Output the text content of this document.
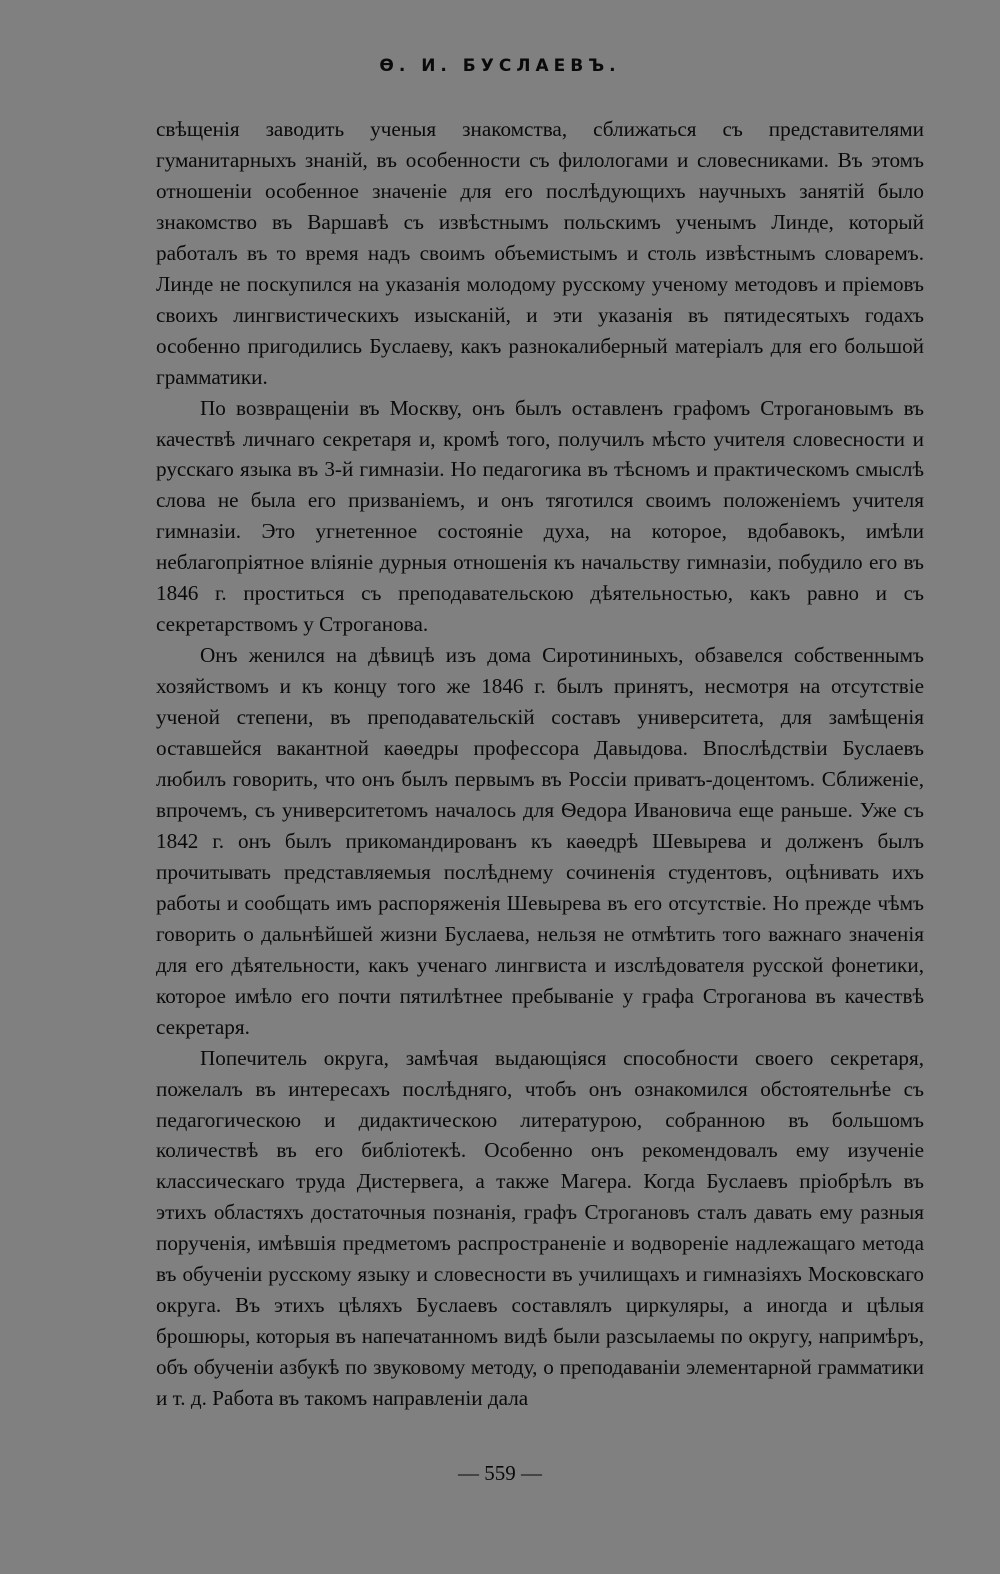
Ѳ. И. БУСЛАЕВЪ.

свѣщенія заводить ученыя знакомства, сближаться съ представителями гуманитарныхъ знаній, въ особенности съ филологами и словесниками. Въ этомъ отношеніи особенное значеніе для его послѣдующихъ научныхъ занятій было знакомство въ Варшавѣ съ извѣстнымъ польскимъ ученымъ Линде, который работалъ въ то время надъ своимъ объемистымъ и столь извѣстнымъ словаремъ. Линде не поскупился на указанія молодому русскому ученому методовъ и пріемовъ своихъ лингвистическихъ изысканій, и эти указанія въ пятидесятыхъ годахъ особенно пригодились Буслаеву, какъ разнокалиберный матеріалъ для его большой грамматики.

По возвращеніи въ Москву, онъ былъ оставленъ графомъ Строгановымъ въ качествѣ личнаго секретаря и, кромѣ того, получилъ мѣсто учителя словесности и русскаго языка въ 3-й гимназіи. Но педагогика въ тѣсномъ и практическомъ смыслѣ слова не была его призваніемъ, и онъ тяготился своимъ положеніемъ учителя гимназіи. Это угнетенное состояніе духа, на которое, вдобавокъ, имѣли неблагопріятное вліяніе дурныя отношенія къ начальству гимназіи, побудило его въ 1846 г. проститься съ преподавательскою дѣятельностью, какъ равно и съ секретарствомъ у Строганова.

Онъ женился на дѣвицѣ изъ дома Сиротининыхъ, обзавелся собственнымъ хозяйствомъ и къ концу того же 1846 г. былъ принятъ, несмотря на отсутствіе ученой степени, въ преподавательскій составъ университета, для замѣщенія оставшейся вакантной каѳедры профессора Давыдова. Впослѣдствіи Буслаевъ любилъ говорить, что онъ былъ первымъ въ Россіи приватъ-доцентомъ. Сближеніе, впрочемъ, съ университетомъ началось для Ѳедора Ивановича еще раньше. Уже съ 1842 г. онъ былъ прикомандированъ къ каѳедрѣ Шевырева и долженъ былъ прочитывать представляемыя послѣднему сочиненія студентовъ, оцѣнивать ихъ работы и сообщать имъ распоряженія Шевырева въ его отсутствіе. Но прежде чѣмъ говорить о дальнѣйшей жизни Буслаева, нельзя не отмѣтить того важнаго значенія для его дѣятельности, какъ ученаго лингвиста и изслѣдователя русской фонетики, которое имѣло его почти пятилѣтнее пребываніе у графа Строганова въ качествѣ секретаря.

Попечитель округа, замѣчая выдающіяся способности своего секретаря, пожелалъ въ интересахъ послѣдняго, чтобъ онъ ознакомился обстоятельнѣе съ педагогическою и дидактическою литературою, собранною въ большомъ количествѣ въ его библіотекѣ. Особенно онъ рекомендовалъ ему изученіе классическаго труда Дистервега, а также Магера. Когда Буслаевъ пріобрѣлъ въ этихъ областяхъ достаточныя познанія, графъ Строгановъ сталъ давать ему разныя порученія, имѣвшія предметомъ распространеніе и водвореніе надлежащаго метода въ обученіи русскому языку и словесности въ училищахъ и гимназіяхъ Московскаго округа. Въ этихъ цѣляхъ Буслаевъ составлялъ циркуляры, а иногда и цѣлыя брошюры, которыя въ напечатанномъ видѣ были разсылаемы по округу, напримѣръ, объ обученіи азбукѣ по звуковому методу, о преподаваніи элементарной грамматики и т. д. Работа въ такомъ направленіи дала

— 559 —
